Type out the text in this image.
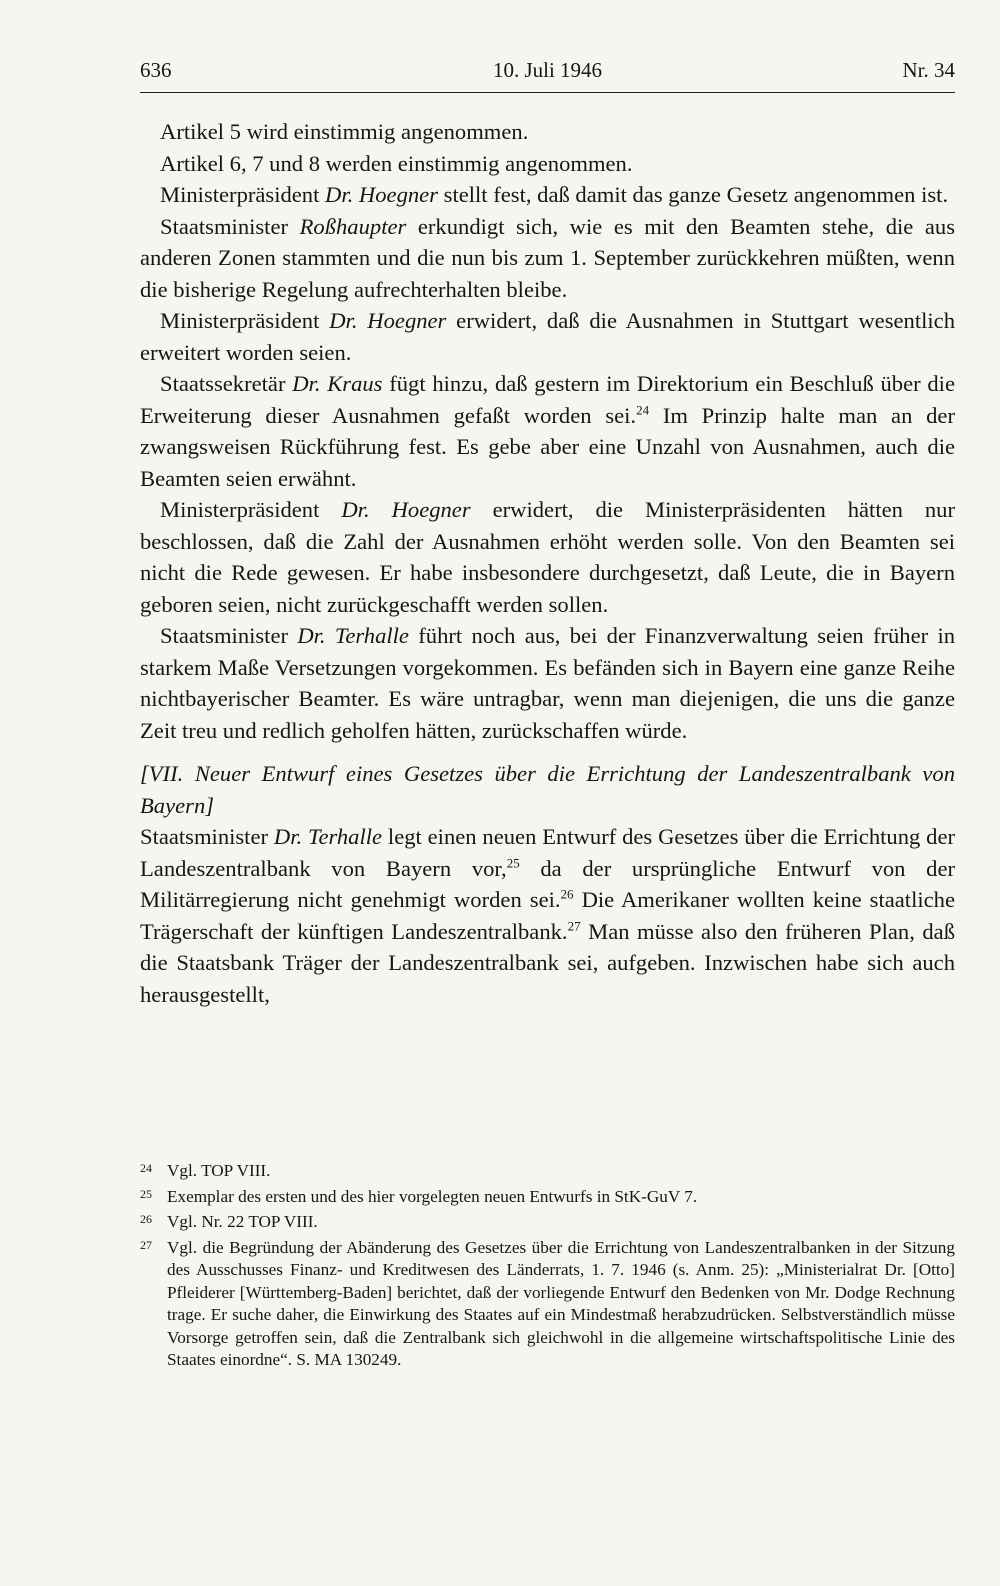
636	10. Juli 1946	Nr. 34

Artikel 5 wird einstimmig angenommen.

Artikel 6, 7 und 8 werden einstimmig angenommen.

Ministerpräsident Dr. Hoegner stellt fest, daß damit das ganze Gesetz angenommen ist.

Staatsminister Roßhaupter erkundigt sich, wie es mit den Beamten stehe, die aus anderen Zonen stammten und die nun bis zum 1. September zurückkehren müßten, wenn die bisherige Regelung aufrechterhalten bleibe.

Ministerpräsident Dr. Hoegner erwidert, daß die Ausnahmen in Stuttgart wesentlich erweitert worden seien.

Staatssekretär Dr. Kraus fügt hinzu, daß gestern im Direktorium ein Beschluß über die Erweiterung dieser Ausnahmen gefaßt worden sei.$^{24}$ Im Prinzip halte man an der zwangsweisen Rückführung fest. Es gebe aber eine Unzahl von Ausnahmen, auch die Beamten seien erwähnt.

Ministerpräsident Dr. Hoegner erwidert, die Ministerpräsidenten hätten nur beschlossen, daß die Zahl der Ausnahmen erhöht werden solle. Von den Beamten sei nicht die Rede gewesen. Er habe insbesondere durchgesetzt, daß Leute, die in Bayern geboren seien, nicht zurückgeschafft werden sollen.

Staatsminister Dr. Terhalle führt noch aus, bei der Finanzverwaltung seien früher in starkem Maße Versetzungen vorgekommen. Es befänden sich in Bayern eine ganze Reihe nichtbayerischer Beamter. Es wäre untragbar, wenn man diejenigen, die uns die ganze Zeit treu und redlich geholfen hätten, zurückschaffen würde.

[VII. Neuer Entwurf eines Gesetzes über die Errichtung der Landeszentralbank von Bayern]

Staatsminister Dr. Terhalle legt einen neuen Entwurf des Gesetzes über die Errichtung der Landeszentralbank von Bayern vor,$^{25}$ da der ursprüngliche Entwurf von der Militärregierung nicht genehmigt worden sei.$^{26}$ Die Amerikaner wollten keine staatliche Trägerschaft der künftigen Landeszentralbank.$^{27}$ Man müsse also den früheren Plan, daß die Staatsbank Träger der Landeszentralbank sei, aufgeben. Inzwischen habe sich auch herausgestellt,

24 Vgl. TOP VIII.
25 Exemplar des ersten und des hier vorgelegten neuen Entwurfs in StK-GuV 7.
26 Vgl. Nr. 22 TOP VIII.
27 Vgl. die Begründung der Abänderung des Gesetzes über die Errichtung von Landeszentralbanken in der Sitzung des Ausschusses Finanz- und Kreditwesen des Länderrats, 1. 7. 1946 (s. Anm. 25): „Ministerialrat Dr. [Otto] Pfleiderer [Württemberg-Baden] berichtet, daß der vorliegende Entwurf den Bedenken von Mr. Dodge Rechnung trage. Er suche daher, die Einwirkung des Staates auf ein Mindestmaß herabzudrücken. Selbstverständlich müsse Vorsorge getroffen sein, daß die Zentralbank sich gleichwohl in die allgemeine wirtschaftspolitische Linie des Staates einordne“. S. MA 130249.
